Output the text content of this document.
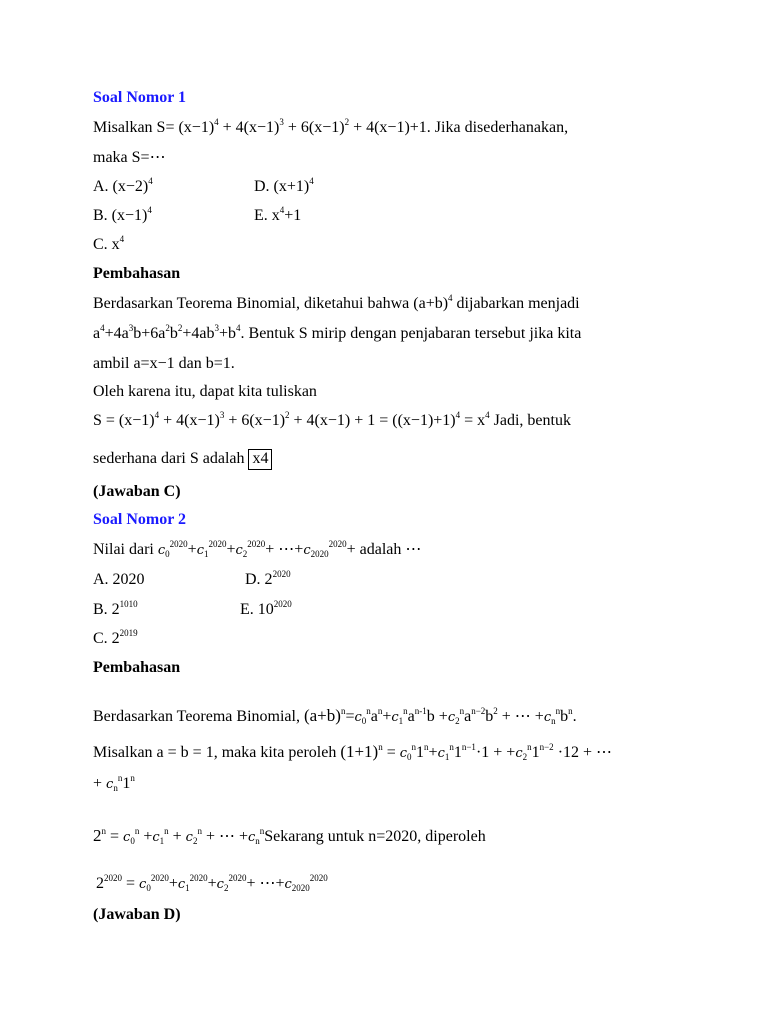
Soal Nomor 1
Misalkan $S= (x-1)^4 + 4(x-1)^3 + 6(x-1)^2 + 4(x-1)+1$. Jika disederhanakan,
maka S=⋯
A. $(x-2)^4$	D. $(x+1)^4$
B. $(x-1)^4$	E. $x^4+1$
C. $x^4$
Pembahasan
Berdasarkan Teorema Binomial, diketahui bahwa $(a+b)^4$ dijabarkan menjadi
$a^4+4a^3b+6a^2b^2+4ab^3+b^4$. Bentuk S mirip dengan penjabaran tersebut jika kita
ambil a=x−1 dan b=1.
Oleh karena itu, dapat kita tuliskan
$S = (x-1)^4 + 4(x-1)^3 + 6(x-1)^2 + 4(x-1) + 1 = ((x-1)+1)^4 = x^4$ Jadi, bentuk
sederhana dari S adalah x4
(Jawaban C)
Soal Nomor 2
Nilai dari $c_0^{2020}+c_1^{2020}+c_2^{2020}+$ $\cdots+c_{2020}^{2020}+$ adalah ⋯
A. 2020	D. $2^{2020}$
B. $2^{1010}$	E. $10^{2020}$
C. $2^{2019}$
Pembahasan
Berdasarkan Teorema Binomial, $(a+b)^n=c_0^na^n+c_1^na^{n-1}b +c_2^na^{n-2}b^2$ + ⋯ $+c_n^nb^n$.
Misalkan a = b = 1, maka kita peroleh $(1+1)^n = c_0^n1^n+c_1^n1^{n-1}\cdot 1 + +c_2^n1^{n-2} \cdot 12$ + ⋯
+ $c_n^n1^n$
$2^n = c_0^n +c_1^n + c_2^n$ + ⋯ $+c_n^nSekarang$ untuk n=2020, diperoleh
$2^{2020} = c_0^{2020}+c_1^{2020}+c_2^{2020}+$ $\cdots+c_{2020}^{2020}$
(Jawaban D)
